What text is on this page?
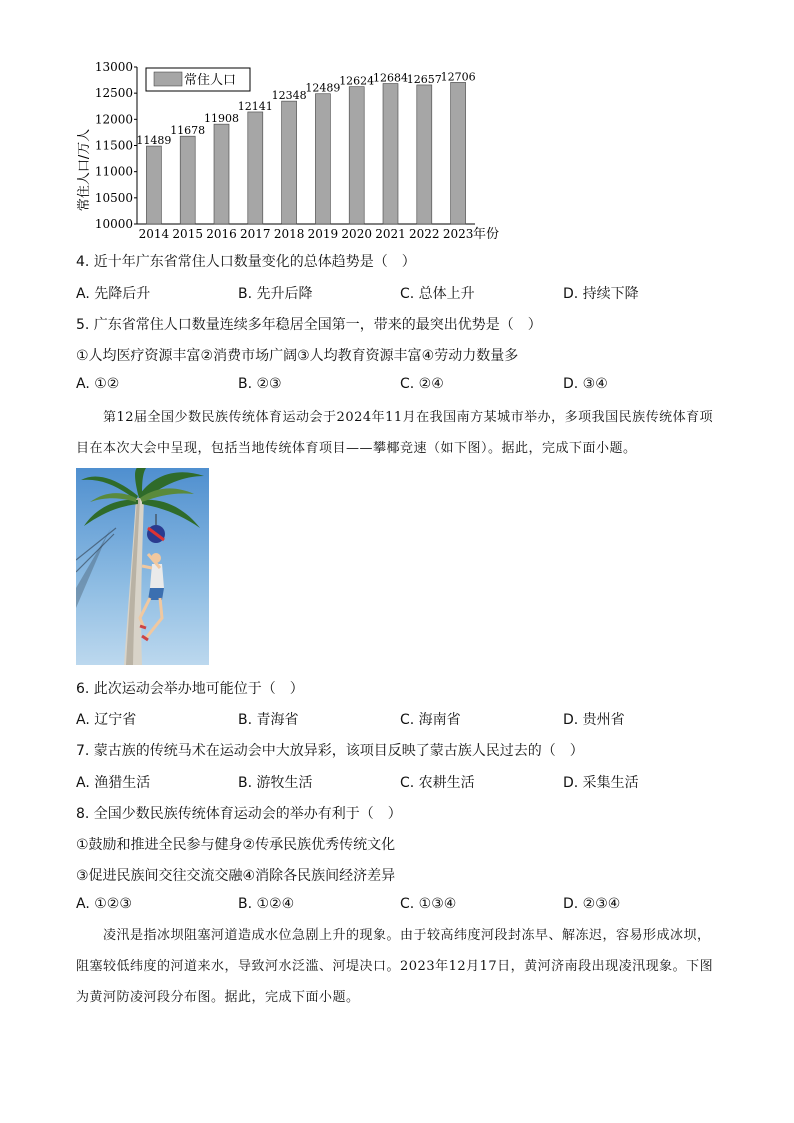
10000
10500
11000
11500
12000
12500
13000
11489
2014
11678
2015
11908
2016
12141
2017
12348
2018
12489
2019
12624
2020
12684
2021
12657
2022
12706
2023
常住人口
常住人口/万人
年份
4. 近十年广东省常住人口数量变化的总体趋势是（　）
A. 先降后升	B. 先升后降	C. 总体上升	D. 持续下降
5. 广东省常住人口数量连续多年稳居全国第一，带来的最突出优势是（　）
①人均医疗资源丰富②消费市场广阔③人均教育资源丰富④劳动力数量多
A. ①②	B. ②③	C. ②④	D. ③④
第12届全国少数民族传统体育运动会于2024年11月在我国南方某城市举办，多项我国民族传统体育项目在本次大会中呈现，包括当地传统体育项目——攀椰竞速（如下图）。据此，完成下面小题。
6. 此次运动会举办地可能位于（　）
A. 辽宁省	B. 青海省	C. 海南省	D. 贵州省
7. 蒙古族的传统马术在运动会中大放异彩，该项目反映了蒙古族人民过去的（　）
A. 渔猎生活	B. 游牧生活	C. 农耕生活	D. 采集生活
8. 全国少数民族传统体育运动会的举办有利于（　）
①鼓励和推进全民参与健身②传承民族优秀传统文化
③促进民族间交往交流交融④消除各民族间经济差异
A. ①②③	B. ①②④	C. ①③④	D. ②③④
凌汛是指冰坝阻塞河道造成水位急剧上升的现象。由于较高纬度河段封冻早、解冻迟，容易形成冰坝，阻塞较低纬度的河道来水，导致河水泛滥、河堤决口。2023年12月17日，黄河济南段出现凌汛现象。下图为黄河防凌河段分布图。据此，完成下面小题。
